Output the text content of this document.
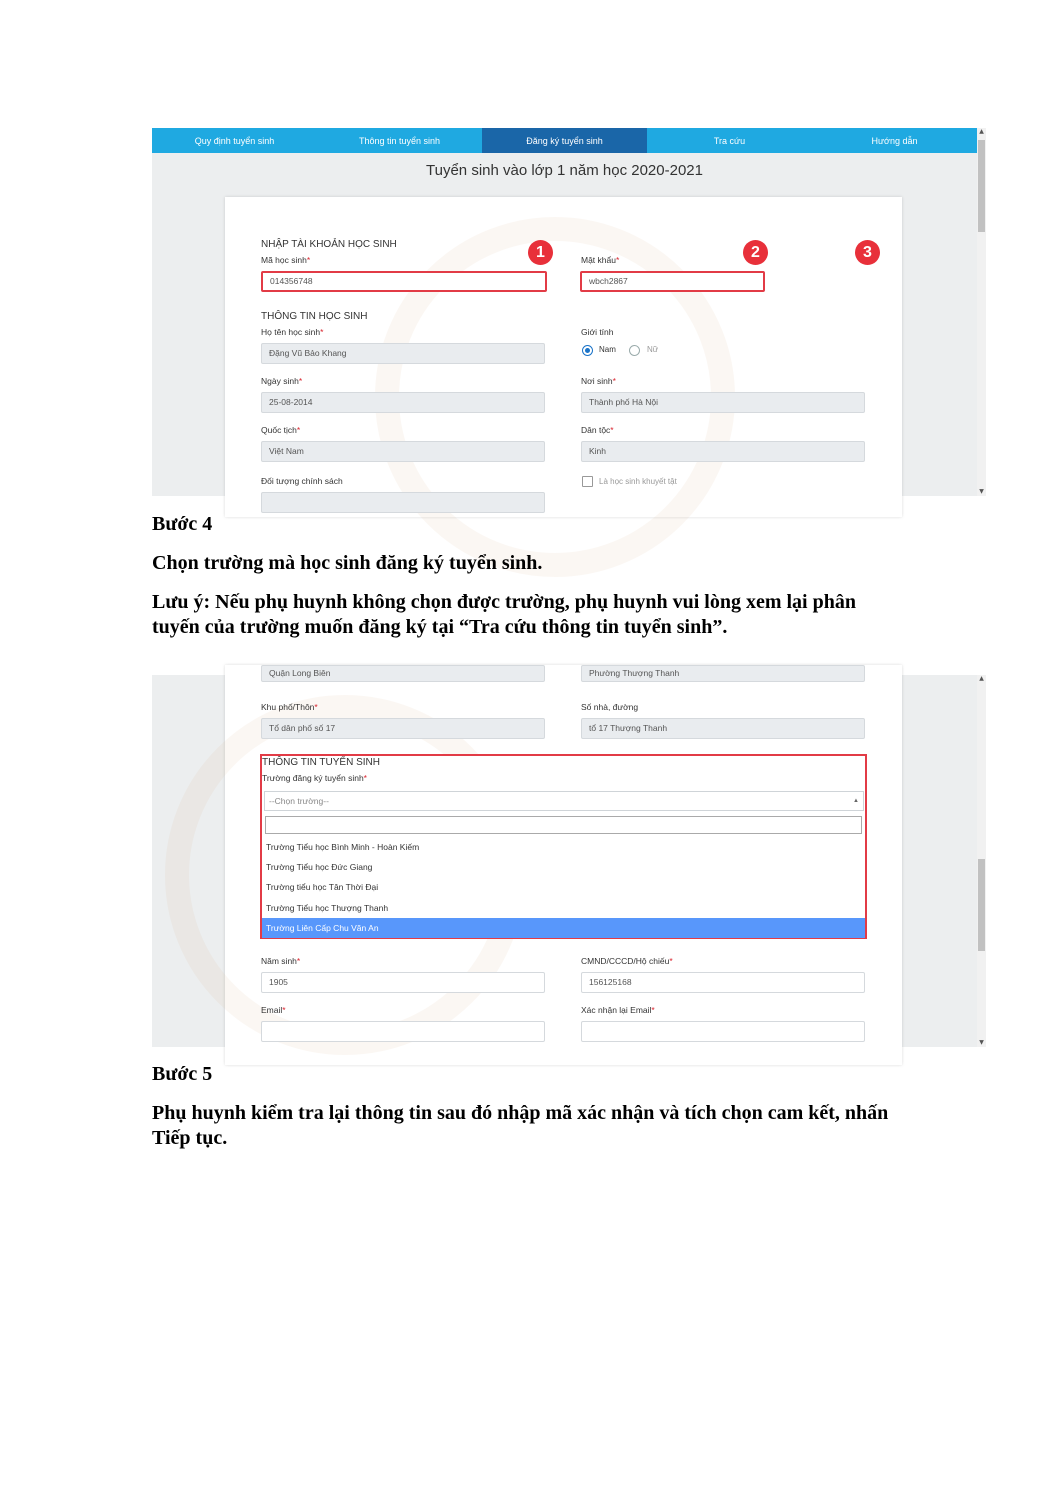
Quy định tuyển sinh	Thông tin tuyển sinh	Đăng ký tuyển sinh	Tra cứu	Hướng dẫn
Tuyển sinh vào lớp 1 năm học 2020-2021
NHẬP TÀI KHOẢN HỌC SINH
Mã học sinh*
014356748
Mật khẩu*
wbch2867
1	2	3
THÔNG TIN HỌC SINH
Họ tên học sinh*
Đặng Vũ Bảo Khang
Giới tính
Nam	Nữ
Ngày sinh*
25-08-2014
Nơi sinh*
Thành phố Hà Nội
Quốc tịch*
Việt Nam
Dân tộc*
Kinh
Đối tượng chính sách	Là học sinh khuyết tật
▲
▼
Bước 4
Chọn trường mà học sinh đăng ký tuyển sinh.
Lưu ý: Nếu phụ huynh không chọn được trường, phụ huynh vui lòng xem lại phân
tuyến của trường muốn đăng ký tại “Tra cứu thông tin tuyển sinh”.
Quận Long Biên	Phường Thượng Thanh
Khu phố/Thôn*
Tổ dân phố số 17
Số nhà, đường
tổ 17 Thượng Thanh
Năm sinh*
1905
CMND/CCCD/Hộ chiếu*
156125168
Email*	Xác nhận lại Email*
THÔNG TIN TUYỂN SINH
Trường đăng ký tuyển sinh*
--Chọn trường--	▲
Trường Tiểu học Bình Minh - Hoàn Kiếm
Trường Tiểu học Đức Giang
Trường tiểu học Tân Thời Đại
Trường Tiểu học Thượng Thanh
Trường Liên Cấp Chu Văn An
▲
▼
Bước 5
Phụ huynh kiểm tra lại thông tin sau đó nhập mã xác nhận và tích chọn cam kết, nhấn
Tiếp tục.
